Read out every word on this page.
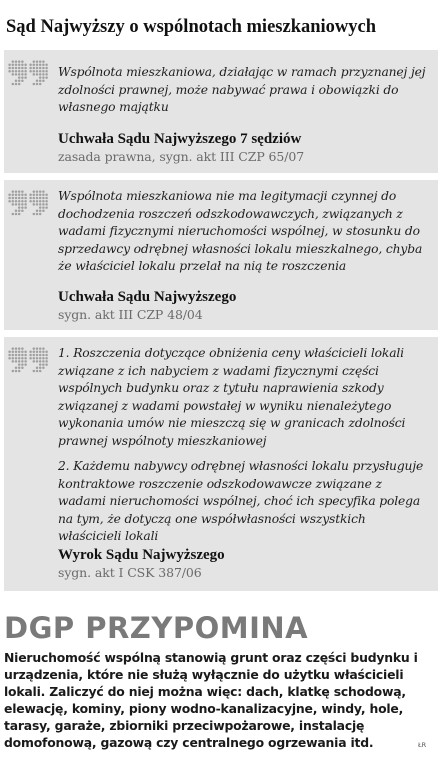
Sąd Najwyższy o wspólnotach mieszkaniowych

Wspólnota mieszkaniowa, działając w ramach przyznanej jej zdolności prawnej, może nabywać prawa i obowiązki do własnego majątku

Uchwała Sądu Najwyższego 7 sędziów
zasada prawna, sygn. akt III CZP 65/07

Wspólnota mieszkaniowa nie ma legitymacji czynnej do dochodzenia roszczeń odszkodowawczych, związanych z wadami fizycznymi nieruchomości wspólnej, w stosunku do sprzedawcy odrębnej własności lokalu mieszkalnego, chyba że właściciel lokalu przelał na nią te roszczenia

Uchwała Sądu Najwyższego
sygn. akt III CZP 48/04

1. Roszczenia dotyczące obniżenia ceny właścicieli lokali związane z ich nabyciem z wadami fizycznymi części wspólnych budynku oraz z tytułu naprawienia szkody związanej z wadami powstałej w wyniku nienależytego wykonania umów nie mieszczą się w granicach zdolności prawnej wspólnoty mieszkaniowej

2. Każdemu nabywcy odrębnej własności lokalu przysługuje kontraktowe roszczenie odszkodowawcze związane z wadami nieruchomości wspólnej, choć ich specyfika polega na tym, że dotyczą one współwłasności wszystkich właścicieli lokali

Wyrok Sądu Najwyższego
sygn. akt I CSK 387/06
DGP PRZYPOMINA
Nieruchomość wspólną stanowią grunt oraz części budynku i urządzenia, które nie służą wyłącznie do użytku właścicieli lokali. Zaliczyć do niej można więc: dach, klatkę schodową, elewację, kominy, piony wodno-kanalizacyjne, windy, hole, tarasy, garaże, zbiorniki przeciwpożarowe, instalację domofonową, gazową czy centralnego ogrzewania itd.	ŁR
